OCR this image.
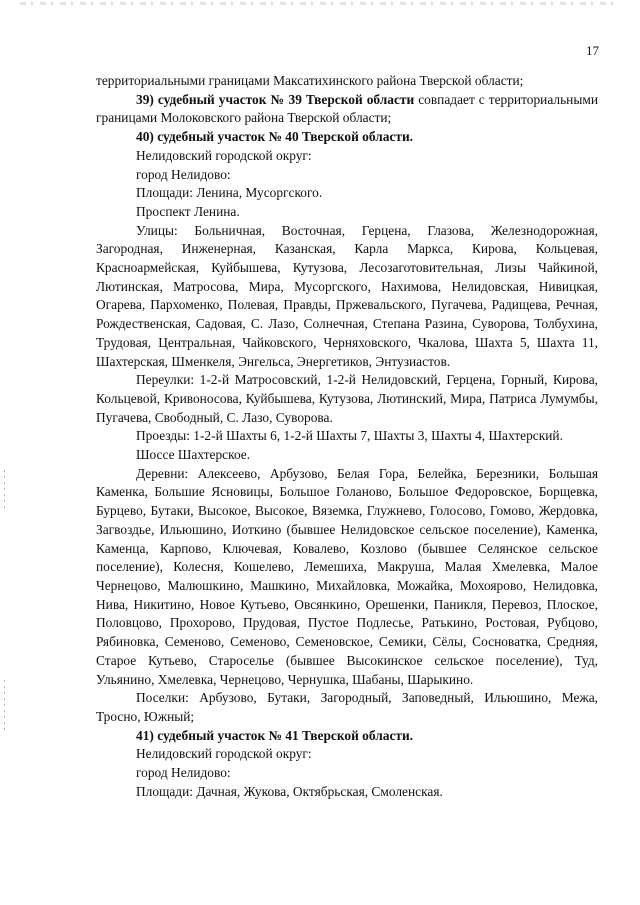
17

территориальными границами Максатихинского района Тверской области;

39) судебный участок № 39 Тверской области совпадает с территориальными границами Молоковского района Тверской области;

40) судебный участок № 40 Тверской области.

Нелидовский городской округ:

город Нелидово:

Площади: Ленина, Мусоргского.

Проспект Ленина.

Улицы: Больничная, Восточная, Герцена, Глазова, Железнодорожная, Загородная, Инженерная, Казанская, Карла Маркса, Кирова, Кольцевая, Красноармейская, Куйбышева, Кутузова, Лесозаготовительная, Лизы Чайкиной, Лютинская, Матросова, Мира, Мусоргского, Нахимова, Нелидовская, Нивицкая, Огарева, Пархоменко, Полевая, Правды, Пржевальского, Пугачева, Радищева, Речная, Рождественская, Садовая, С. Лазо, Солнечная, Степана Разина, Суворова, Толбухина, Трудовая, Центральная, Чайковского, Черняховского, Чкалова, Шахта 5, Шахта 11, Шахтерская, Шменкеля, Энгельса, Энергетиков, Энтузиастов.

Переулки: 1-2-й Матросовский, 1-2-й Нелидовский, Герцена, Горный, Кирова, Кольцевой, Кривоносова, Куйбышева, Кутузова, Лютинский, Мира, Патриса Лумумбы, Пугачева, Свободный, С. Лазо, Суворова.

Проезды: 1-2-й Шахты 6, 1-2-й Шахты 7, Шахты 3, Шахты 4, Шахтерский.

Шоссе Шахтерское.

Деревни: Алексеево, Арбузово, Белая Гора, Белейка, Березники, Большая Каменка, Большие Ясновицы, Большое Голаново, Большое Федоровское, Борщевка, Бурцево, Бутаки, Высокое, Высокое, Вяземка, Глужнево, Голосово, Гомово, Жердовка, Загвоздье, Ильюшино, Иоткино (бывшее Нелидовское сельское поселение), Каменка, Каменца, Карпово, Ключевая, Ковалево, Козлово (бывшее Селянское сельское поселение), Колесня, Кошелево, Лемешиха, Макруша, Малая Хмелевка, Малое Чернецово, Малюшкино, Машкино, Михайловка, Можайка, Мохоярово, Нелидовка, Нива, Никитино, Новое Кутьево, Овсянкино, Орешенки, Паникля, Перевоз, Плоское, Половцово, Прохорово, Прудовая, Пустое Подлесье, Ратькино, Ростовая, Рубцово, Рябиновка, Семеново, Семеново, Семеновское, Семики, Сёлы, Сосноватка, Средняя, Старое Кутьево, Староселье (бывшее Высокинское сельское поселение), Туд, Ульянино, Хмелевка, Чернецово, Чернушка, Шабаны, Шарыкино.

Поселки: Арбузово, Бутаки, Загородный, Заповедный, Ильюшино, Межа, Тросно, Южный;

41) судебный участок № 41 Тверской области.

Нелидовский городской округ:

город Нелидово:

Площади: Дачная, Жукова, Октябрьская, Смоленская.
